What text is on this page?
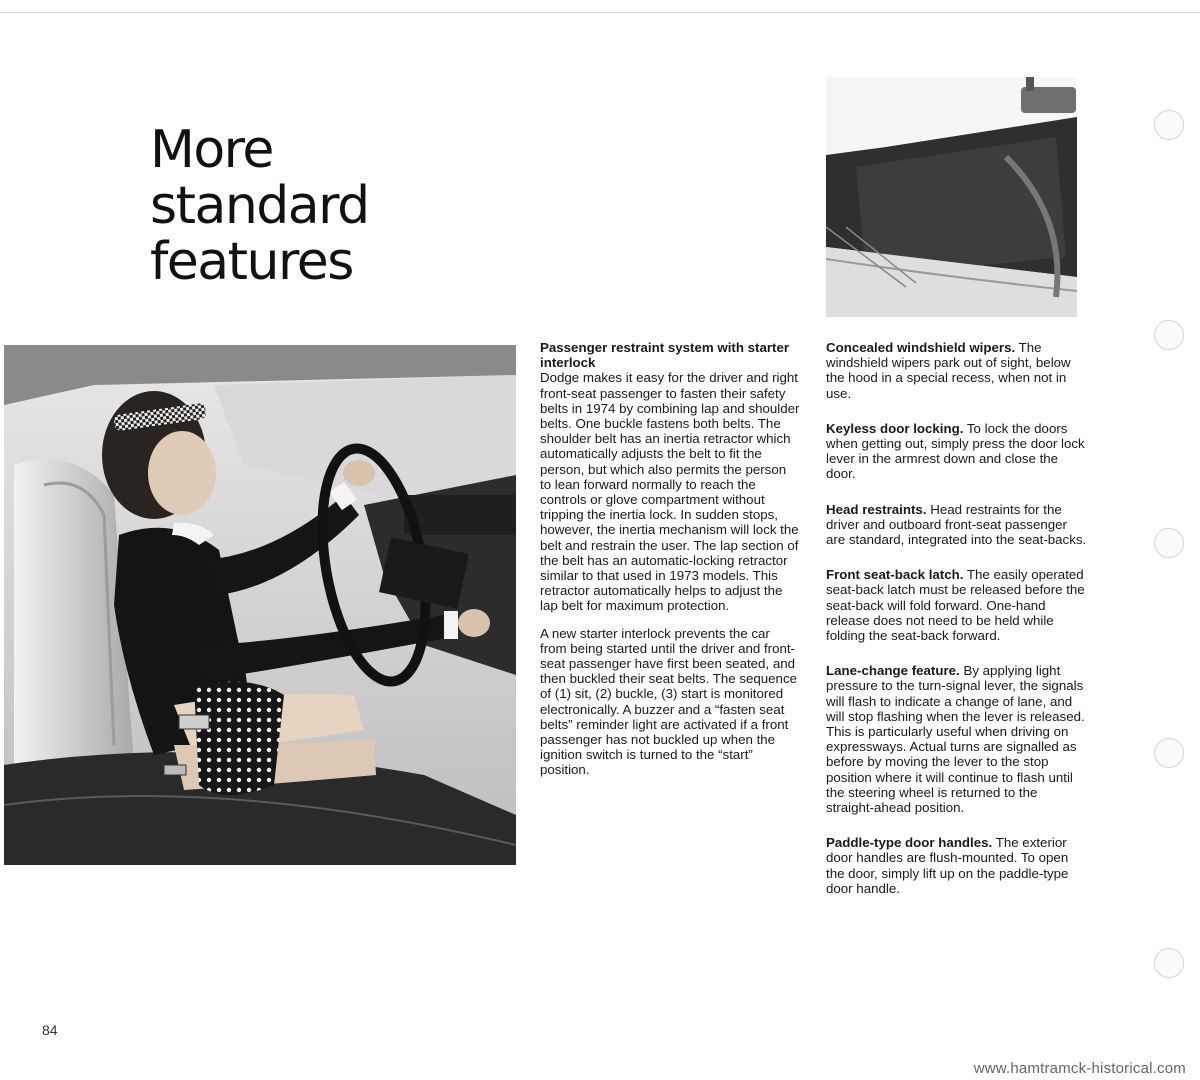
More
standard
features
Passenger restraint system with starter interlock

Dodge makes it easy for the driver and right front-seat passenger to fasten their safety belts in 1974 by combining lap and shoulder belts. One buckle fastens both belts. The shoulder belt has an inertia retractor which automatically adjusts the belt to fit the person, but which also permits the person to lean forward normally to reach the controls or glove compartment without tripping the inertia lock. In sudden stops, however, the inertia mechanism will lock the belt and restrain the user. The lap section of the belt has an automatic-locking retractor similar to that used in 1973 models. This retractor automatically helps to adjust the lap belt for maximum protection.

A new starter interlock prevents the car from being started until the driver and front-seat passenger have first been seated, and then buckled their seat belts. The sequence of (1) sit, (2) buckle, (3) start is monitored electronically. A buzzer and a “fasten seat belts” reminder light are activated if a front passenger has not buckled up when the ignition switch is turned to the “start” position.

Concealed windshield wipers. The windshield wipers park out of sight, below the hood in a special recess, when not in use.

Keyless door locking. To lock the doors when getting out, simply press the door lock lever in the armrest down and close the door.

Head restraints. Head restraints for the driver and outboard front-seat passenger are standard, integrated into the seat-backs.

Front seat-back latch. The easily operated seat-back latch must be released before the seat-back will fold forward. One-hand release does not need to be held while folding the seat-back forward.

Lane-change feature. By applying light pressure to the turn-signal lever, the signals will flash to indicate a change of lane, and will stop flashing when the lever is released. This is particularly useful when driving on expressways. Actual turns are signalled as before by moving the lever to the stop position where it will continue to flash until the steering wheel is returned to the straight-ahead position.

Paddle-type door handles. The exterior door handles are flush-mounted. To open the door, simply lift up on the paddle-type door handle.

84
www.hamtramck-historical.com
